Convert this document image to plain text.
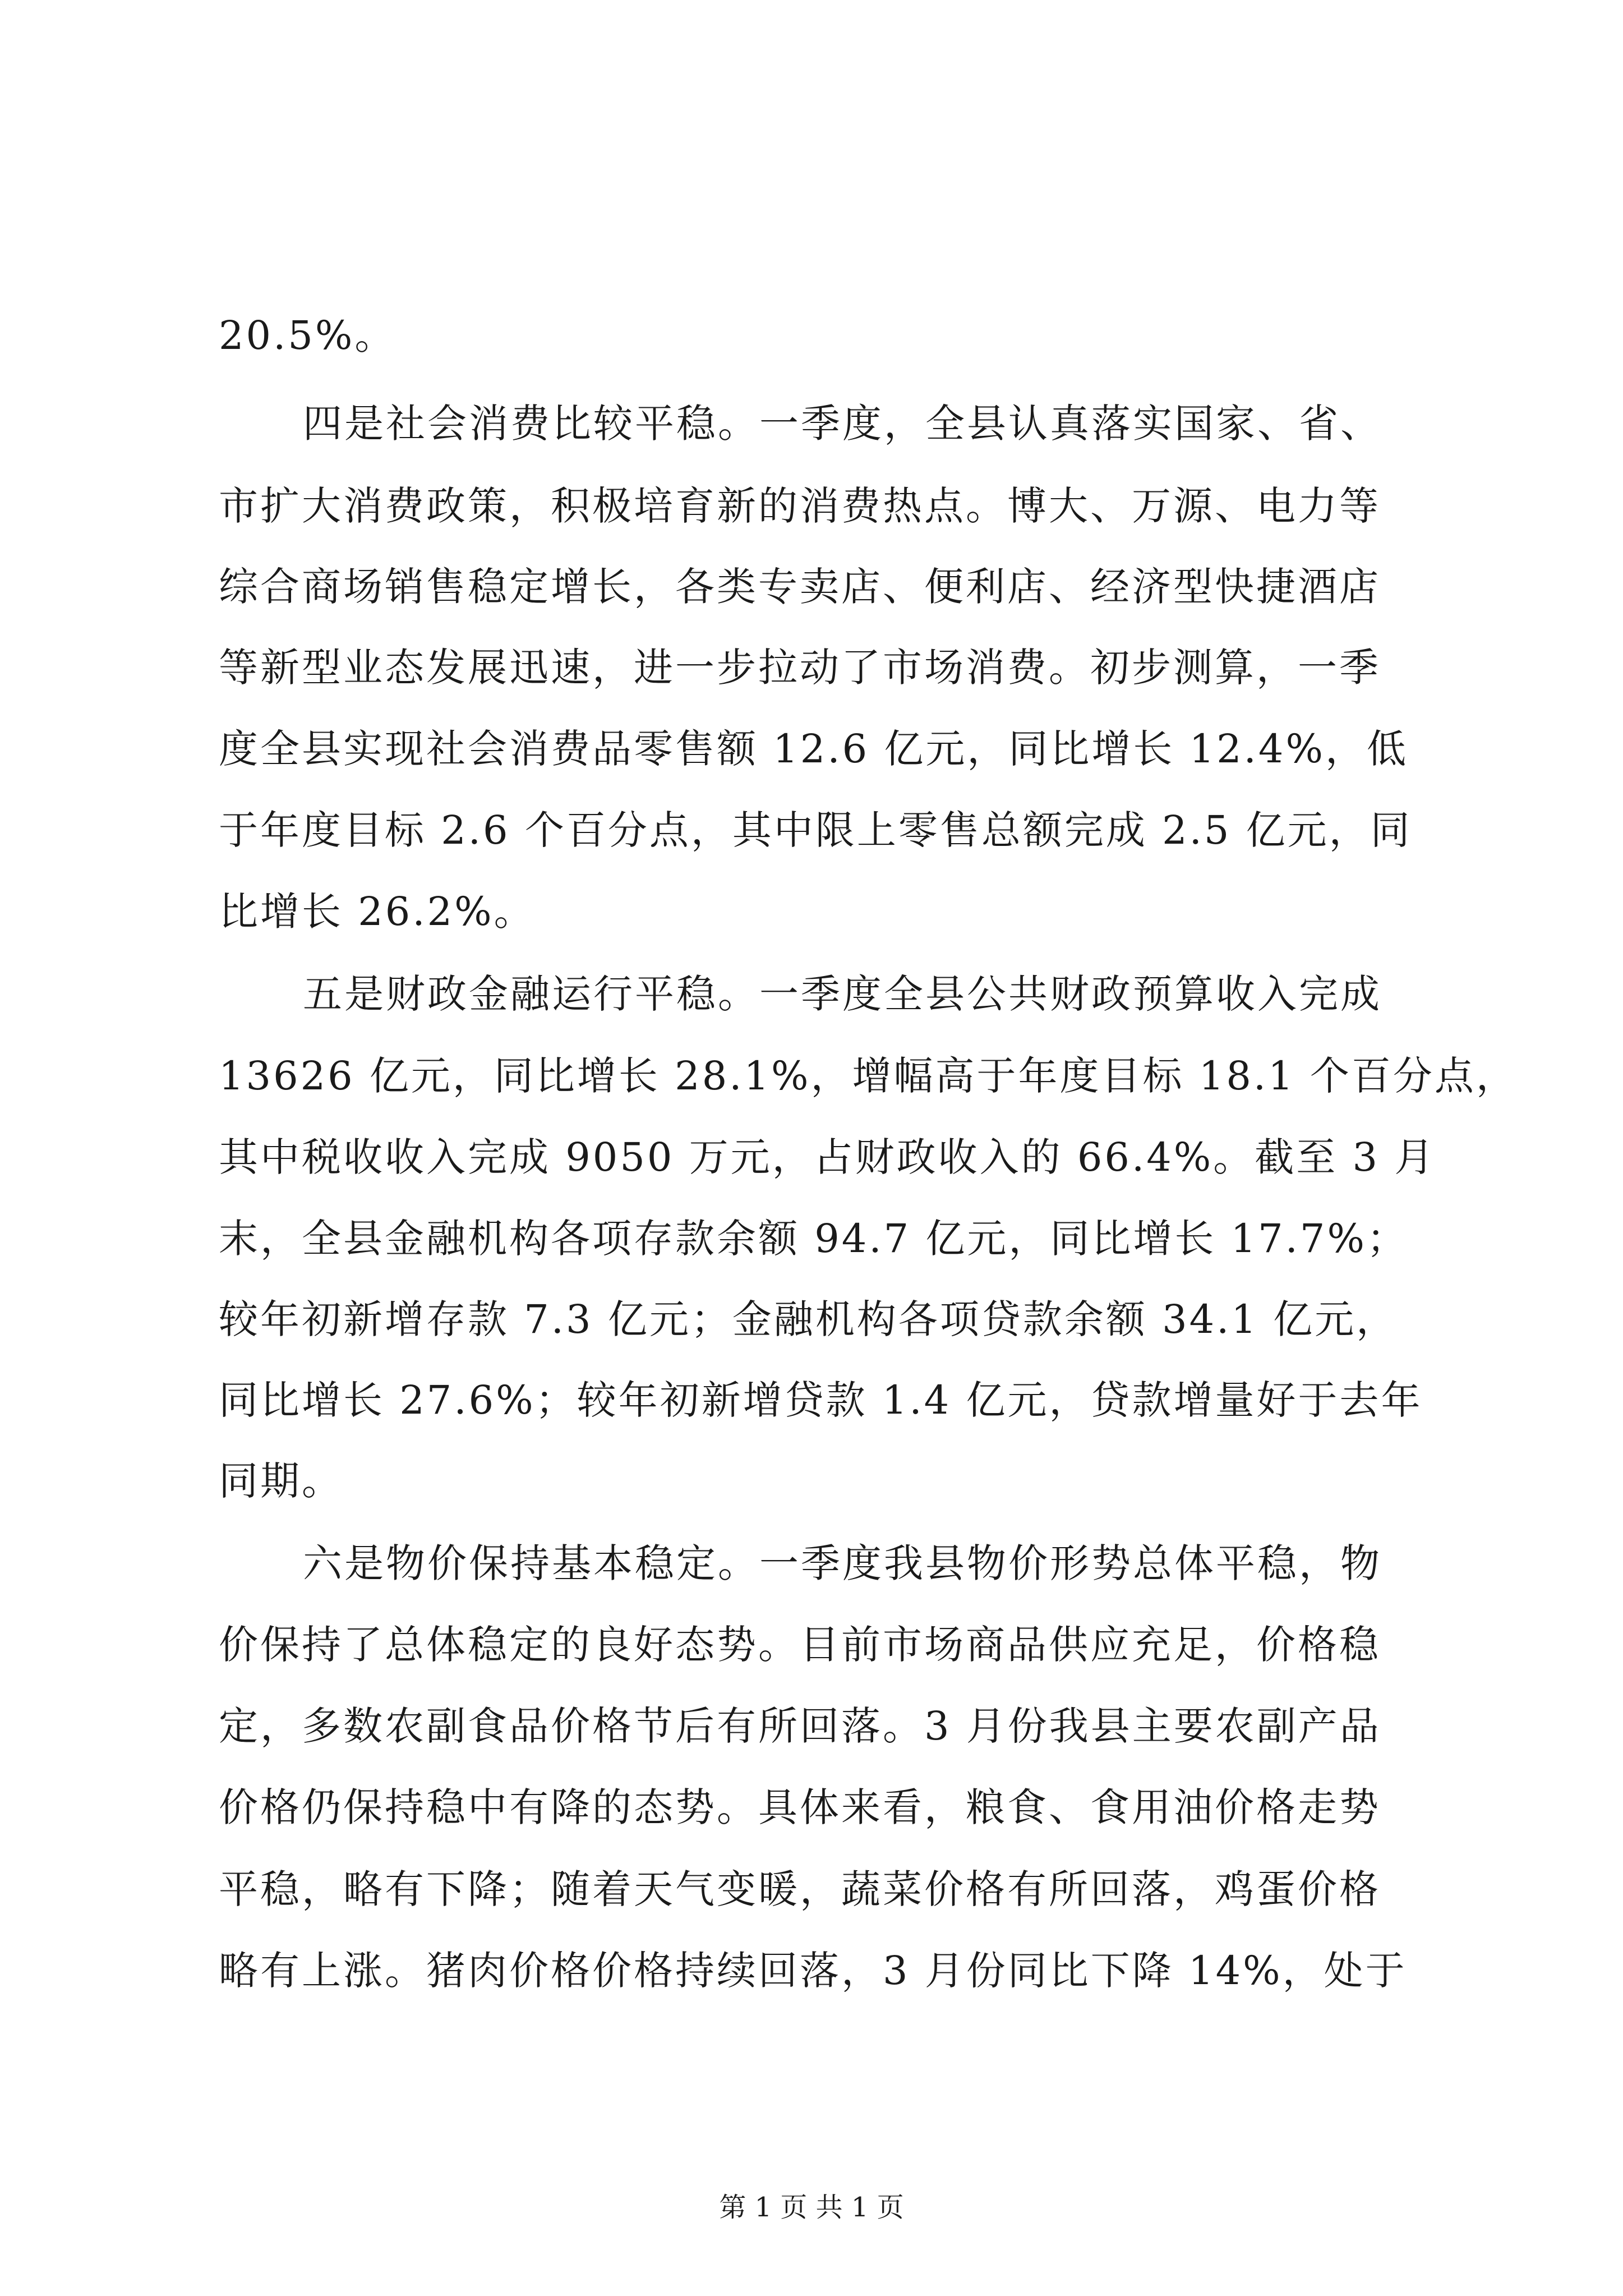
20.5%。
四是社会消费比较平稳。一季度，全县认真落实国家、省、
市扩大消费政策，积极培育新的消费热点。博大、万源、电力等
综合商场销售稳定增长，各类专卖店、便利店、经济型快捷酒店
等新型业态发展迅速，进一步拉动了市场消费。初步测算，一季
度全县实现社会消费品零售额 12.6 亿元，同比增长 12.4%，低
于年度目标 2.6 个百分点，其中限上零售总额完成 2.5 亿元，同
比增长 26.2%。
五是财政金融运行平稳。一季度全县公共财政预算收入完成
13626 亿元，同比增长 28.1%，增幅高于年度目标 18.1 个百分点，
其中税收收入完成 9050 万元，占财政收入的 66.4%。截至 3 月
末，全县金融机构各项存款余额 94.7 亿元，同比增长 17.7%；
较年初新增存款 7.3 亿元；金融机构各项贷款余额 34.1 亿元，
同比增长 27.6%；较年初新增贷款 1.4 亿元，贷款增量好于去年
同期。
六是物价保持基本稳定。一季度我县物价形势总体平稳，物
价保持了总体稳定的良好态势。目前市场商品供应充足，价格稳
定，多数农副食品价格节后有所回落。3 月份我县主要农副产品
价格仍保持稳中有降的态势。具体来看，粮食、食用油价格走势
平稳，略有下降；随着天气变暖，蔬菜价格有所回落，鸡蛋价格
略有上涨。猪肉价格价格持续回落，3 月份同比下降 14%，处于
第 1 页 共 1 页
